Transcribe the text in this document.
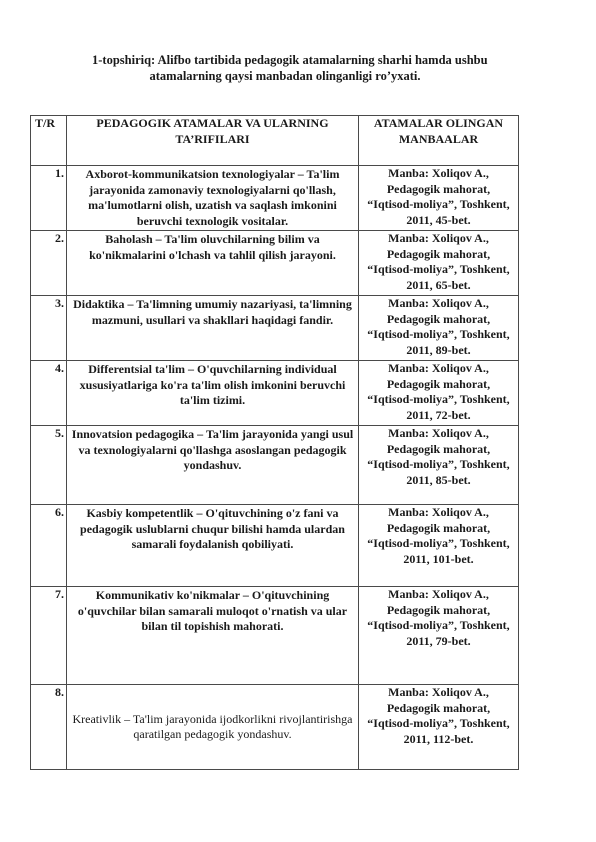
1-topshiriq: Alifbo tartibida pedagogik atamalarning sharhi hamda ushbu
atamalarning qaysi manbadan olinganligi ro’yxati.
T/R	PEDAGOGIK ATAMALAR VA ULARNING TA’RIFILARI	ATAMALAR OLINGAN MANBAALAR
1.	Axborot-kommunikatsion texnologiyalar – Ta'lim jarayonida zamonaviy texnologiyalarni qo'llash, ma'lumotlarni olish, uzatish va saqlash imkonini beruvchi texnologik vositalar.	Manba: Xoliqov A., Pedagogik mahorat, “Iqtisod-moliya”, Toshkent, 2011, 45-bet.
2.	Baholash – Ta'lim oluvchilarning bilim va ko'nikmalarini o'lchash va tahlil qilish jarayoni.	Manba: Xoliqov A., Pedagogik mahorat, “Iqtisod-moliya”, Toshkent, 2011, 65-bet.
3.	Didaktika – Ta'limning umumiy nazariyasi, ta'limning mazmuni, usullari va shakllari haqidagi fandir.	Manba: Xoliqov A., Pedagogik mahorat, “Iqtisod-moliya”, Toshkent, 2011, 89-bet.
4.	Differentsial ta'lim – O'quvchilarning individual xususiyatlariga ko'ra ta'lim olish imkonini beruvchi ta'lim tizimi.	Manba: Xoliqov A., Pedagogik mahorat, “Iqtisod-moliya”, Toshkent, 2011, 72-bet.
5.	Innovatsion pedagogika – Ta'lim jarayonida yangi usul va texnologiyalarni qo'llashga asoslangan pedagogik yondashuv.	Manba: Xoliqov A., Pedagogik mahorat, “Iqtisod-moliya”, Toshkent, 2011, 85-bet.
6.	Kasbiy kompetentlik – O'qituvchining o'z fani va pedagogik uslublarni chuqur bilishi hamda ulardan samarali foydalanish qobiliyati.	Manba: Xoliqov A., Pedagogik mahorat, “Iqtisod-moliya”, Toshkent, 2011, 101-bet.
7.	Kommunikativ ko'nikmalar – O'qituvchining o'quvchilar bilan samarali muloqot o'rnatish va ular bilan til topishish mahorati.	Manba: Xoliqov A., Pedagogik mahorat, “Iqtisod-moliya”, Toshkent, 2011, 79-bet.
8.	Kreativlik – Ta'lim jarayonida ijodkorlikni rivojlantirishga qaratilgan pedagogik yondashuv.	Manba: Xoliqov A., Pedagogik mahorat, “Iqtisod-moliya”, Toshkent, 2011, 112-bet.
